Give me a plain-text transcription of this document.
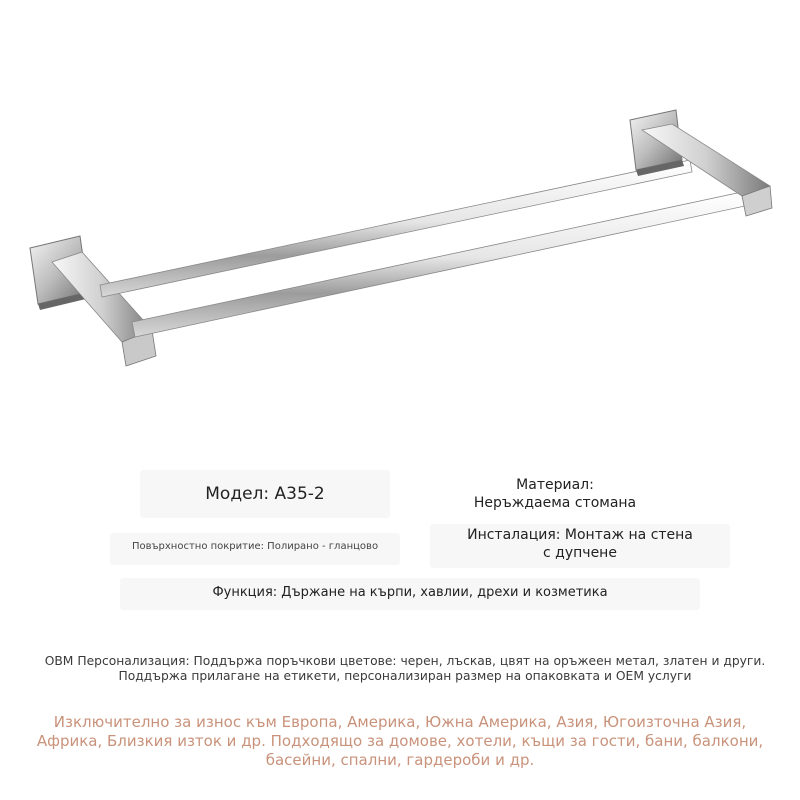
Модел: A35-2
Повърхностно покритие: Полирано - гланцово
Материал:
Неръждаема стомана
Инсталация: Монтаж на стена
с дупчене
Функция: Държане на кърпи, хавлии, дрехи и козметика
OBM Персонализация: Поддържа поръчкови цветове: черен, лъскав, цвят на оръжеен метал, златен и други. Поддържа прилагане на етикети, персонализиран размер на опаковката и OEM услуги
Изключително за износ към Европа, Америка, Южна Америка, Азия, Югоизточна Азия, Африка, Близкия изток и др. Подходящо за домове, хотели, къщи за гости, бани, балкони, басейни, спални, гардероби и др.
